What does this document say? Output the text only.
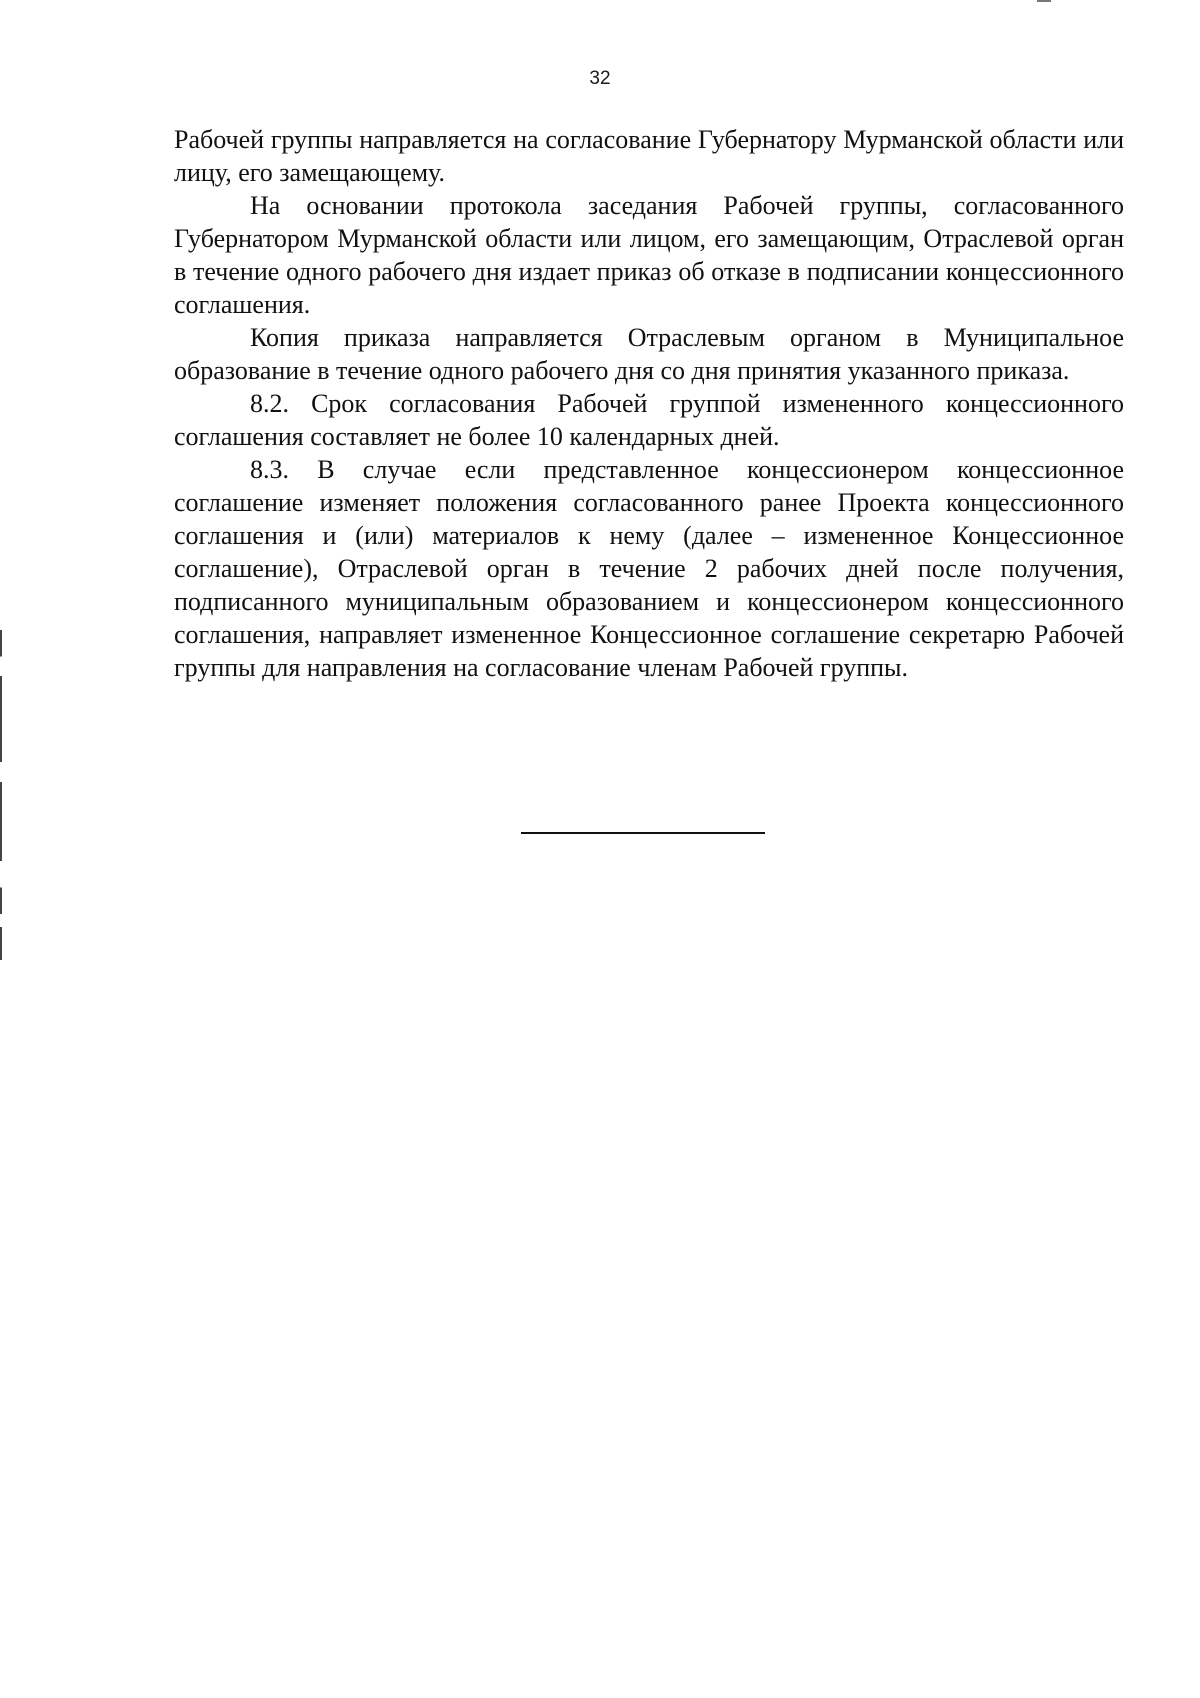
32

Рабочей группы направляется на согласование Губернатору Мурманской области или лицу, его замещающему.

На основании протокола заседания Рабочей группы, согласованного Губернатором Мурманской области или лицом, его замещающим, Отраслевой орган в течение одного рабочего дня издает приказ об отказе в подписании концессионного соглашения.

Копия приказа направляется Отраслевым органом в Муниципальное образование в течение одного рабочего дня со дня принятия указанного приказа.

8.2. Срок согласования Рабочей группой измененного концессионного соглашения составляет не более 10 календарных дней.

8.3. В случае если представленное концессионером концессионное соглашение изменяет положения согласованного ранее Проекта концессионного соглашения и (или) материалов к нему (далее – измененное Концессионное соглашение), Отраслевой орган в течение 2 рабочих дней после получения, подписанного муниципальным образованием и концессионером концессионного соглашения, направляет измененное Концессионное соглашение секретарю Рабочей группы для направления на согласование членам Рабочей группы.
